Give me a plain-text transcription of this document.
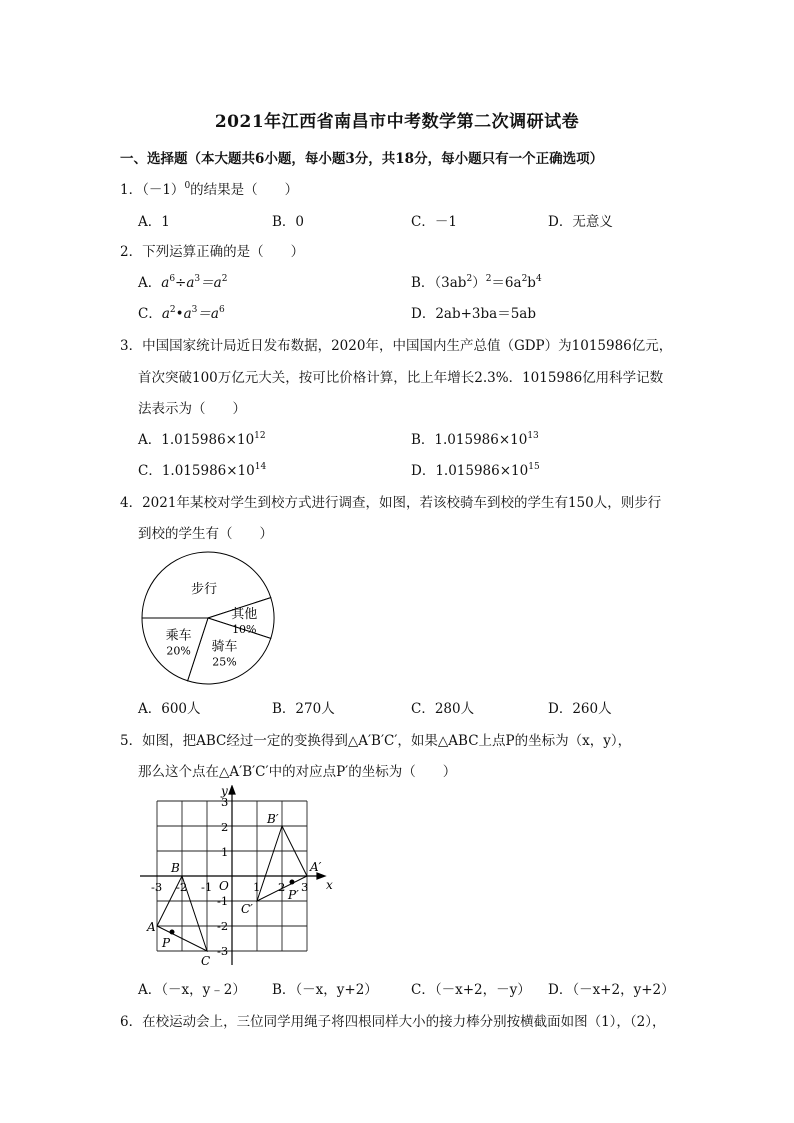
2021年江西省南昌市中考数学第二次调研试卷
一、选择题（本大题共6小题，每小题3分，共18分，每小题只有一个正确选项）
1．$(-1)^0$的结果是（　　）
A．1	B．0	C．－1	D．无意义
2．下列运算正确的是（　　）
A．$a^6\div a^3=a^2$	B．$(3ab^2)^2=6a^2b^4$
C．$a^2•a^3=a^6$	D．2ab+3ba＝5ab
3．中国国家统计局近日发布数据，2020年，中国国内生产总值（GDP）为1015986亿元，
首次突破100万亿元大关，按可比价格计算，比上年增长2.3%．1015986亿用科学记数
法表示为（　　）
A．$1.015986\times 10^{12}$	B．$1.015986\times 10^{13}$
C．$1.015986\times 10^{14}$	D．$1.015986\times 10^{15}$
4．2021年某校对学生到校方式进行调查，如图，若该校骑车到校的学生有150人，则步行
到校的学生有（　　）
步行
其他
10%
骑车
25%
乘车
20%
A．600人	B．270人	C．280人	D．260人
5．如图，把ABC经过一定的变换得到△A′B′C′，如果△ABC上点P的坐标为（x，y），
那么这个点在△A′B′C′中的对应点P′的坐标为（　　）
x
y
O
A
B
C
P
A′
B′
C′
P′
-3 -2 -1	1 2 3
3
2
1
-1
-2
-3
A．（－x，y﹣2） B．（－x，y+2） C．（－x+2，－y） D．（－x+2，y+2）
6．在校运动会上，三位同学用绳子将四根同样大小的接力棒分别按横截面如图（1），（2），
